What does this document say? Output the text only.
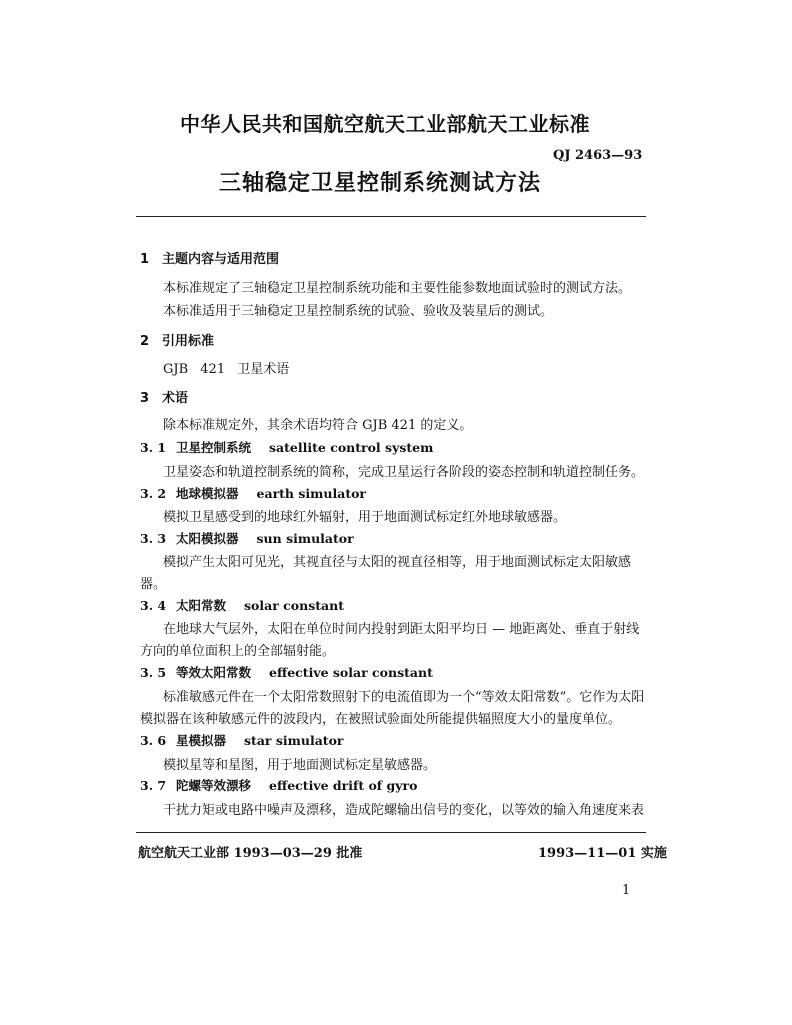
中华人民共和国航空航天工业部航天工业标准
QJ 2463—93
三轴稳定卫星控制系统测试方法
1 主题内容与适用范围
本标准规定了三轴稳定卫星控制系统功能和主要性能参数地面试验时的测试方法。
本标准适用于三轴稳定卫星控制系统的试验、验收及装星后的测试。
2 引用标准
GJB 421 卫星术语
3 术语
除本标准规定外，其余术语均符合 GJB 421 的定义。
3. 1 卫星控制系统 satellite control system
卫星姿态和轨道控制系统的简称，完成卫星运行各阶段的姿态控制和轨道控制任务。
3. 2 地球模拟器 earth simulator
模拟卫星感受到的地球红外辐射，用于地面测试标定红外地球敏感器。
3. 3 太阳模拟器 sun simulator
模拟产生太阳可见光，其视直径与太阳的视直径相等，用于地面测试标定太阳敏感
器。
3. 4 太阳常数 solar constant
在地球大气层外，太阳在单位时间内投射到距太阳平均日 — 地距离处、垂直于射线
方向的单位面积上的全部辐射能。
3. 5 等效太阳常数 effective solar constant
标准敏感元件在一个太阳常数照射下的电流值即为一个“等效太阳常数”。它作为太阳
模拟器在该种敏感元件的波段内，在被照试验面处所能提供辐照度大小的量度单位。
3. 6 星模拟器 star simulator
模拟星等和星图，用于地面测试标定星敏感器。
3. 7 陀螺等效漂移 effective drift of gyro
干扰力矩或电路中噪声及漂移，造成陀螺输出信号的变化，以等效的输入角速度来表
航空航天工业部 1993—03—29 批准	1993—11—01 实施
1
